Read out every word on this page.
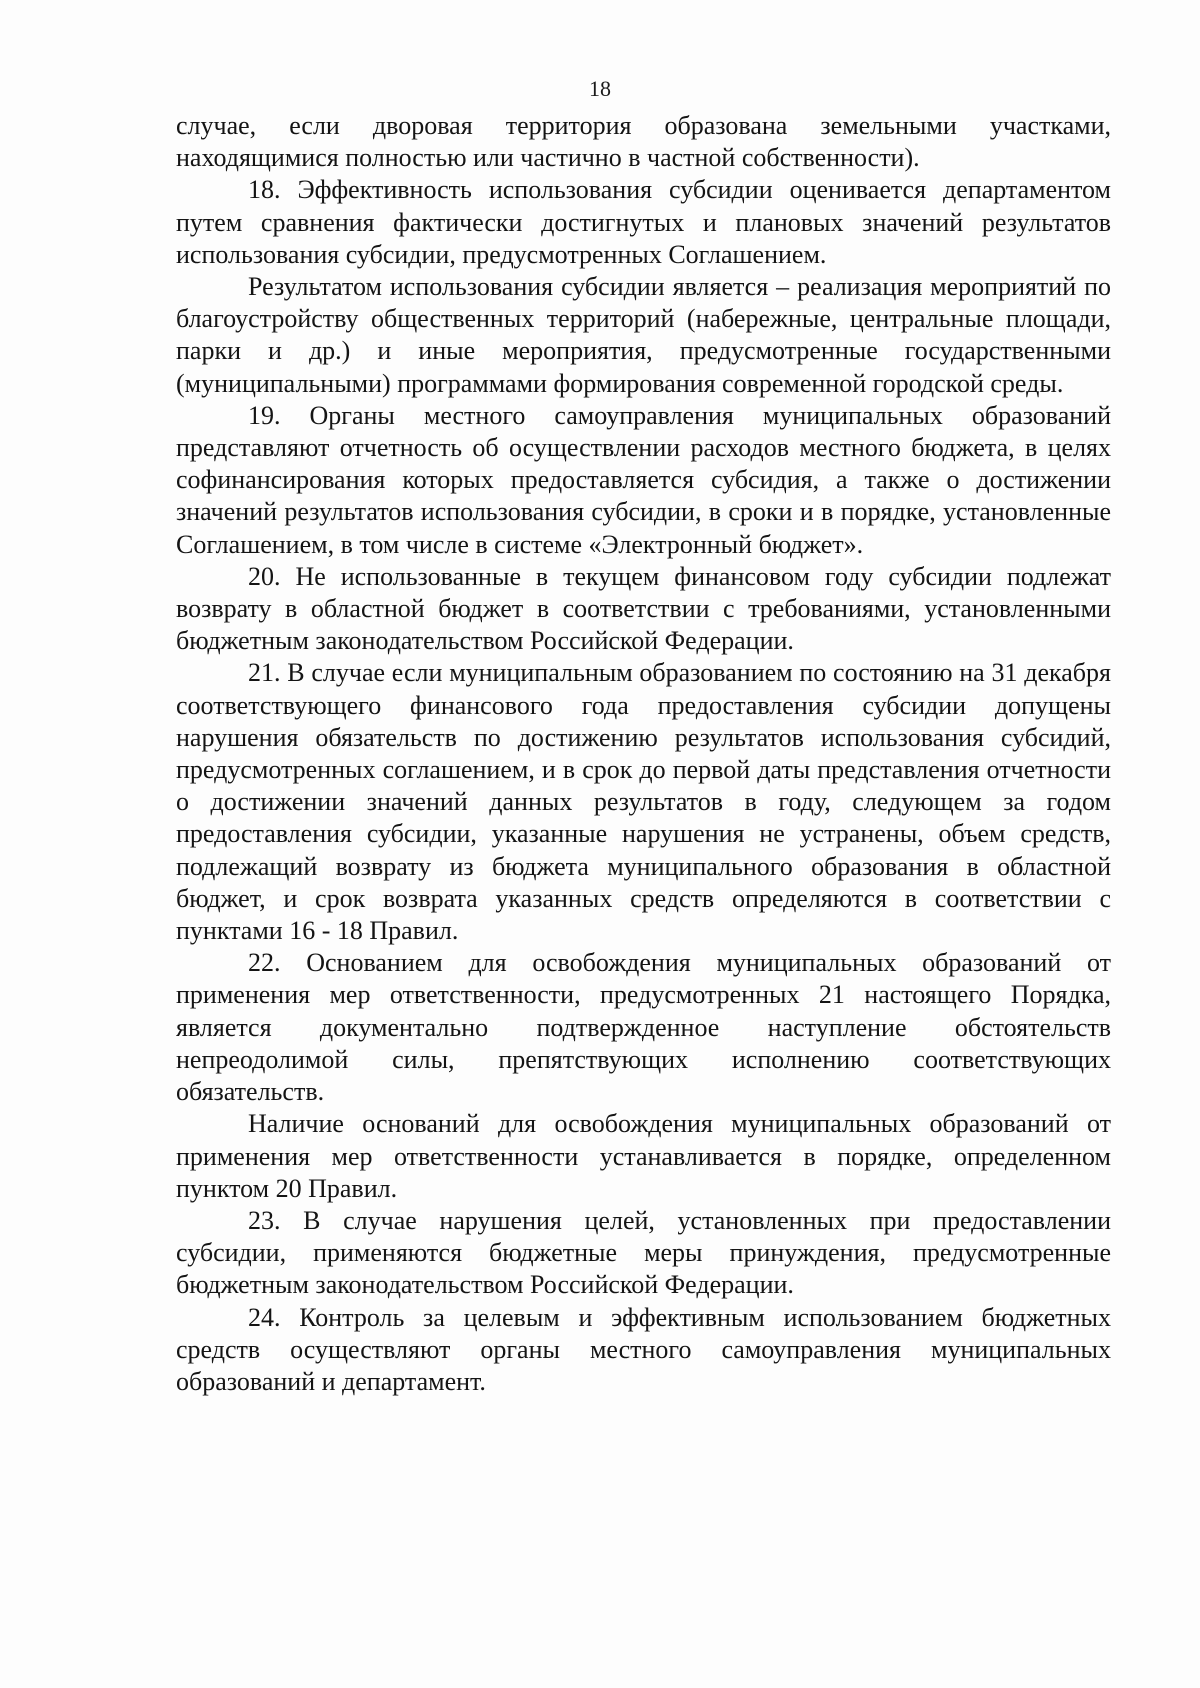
18

случае, если дворовая территория образована земельными участками, находящимися полностью или частично в частной собственности).

18. Эффективность использования субсидии оценивается департаментом путем сравнения фактически достигнутых и плановых значений результатов использования субсидии, предусмотренных Соглашением.

Результатом использования субсидии является – реализация мероприятий по благоустройству общественных территорий (набережные, центральные площади, парки и др.) и иные мероприятия, предусмотренные государственными (муниципальными) программами формирования современной городской среды.

19. Органы местного самоуправления муниципальных образований представляют отчетность об осуществлении расходов местного бюджета, в целях софинансирования которых предоставляется субсидия, а также о достижении значений результатов использования субсидии, в сроки и в порядке, установленные Соглашением, в том числе в системе «Электронный бюджет».

20. Не использованные в текущем финансовом году субсидии подлежат возврату в областной бюджет в соответствии с требованиями, установленными бюджетным законодательством Российской Федерации.

21. В случае если муниципальным образованием по состоянию на 31 декабря соответствующего финансового года предоставления субсидии допущены нарушения обязательств по достижению результатов использования субсидий, предусмотренных соглашением, и в срок до первой даты представления отчетности о достижении значений данных результатов в году, следующем за годом предоставления субсидии, указанные нарушения не устранены, объем средств, подлежащий возврату из бюджета муниципального образования в областной бюджет, и срок возврата указанных средств определяются в соответствии с пунктами 16 - 18 Правил.

22. Основанием для освобождения муниципальных образований от применения мер ответственности, предусмотренных 21 настоящего Порядка, является документально подтвержденное наступление обстоятельств непреодолимой силы, препятствующих исполнению соответствующих обязательств.

Наличие оснований для освобождения муниципальных образований от применения мер ответственности устанавливается в порядке, определенном пунктом 20 Правил.

23. В случае нарушения целей, установленных при предоставлении субсидии, применяются бюджетные меры принуждения, предусмотренные бюджетным законодательством Российской Федерации.

24. Контроль за целевым и эффективным использованием бюджетных средств осуществляют органы местного самоуправления муниципальных образований и департамент.
